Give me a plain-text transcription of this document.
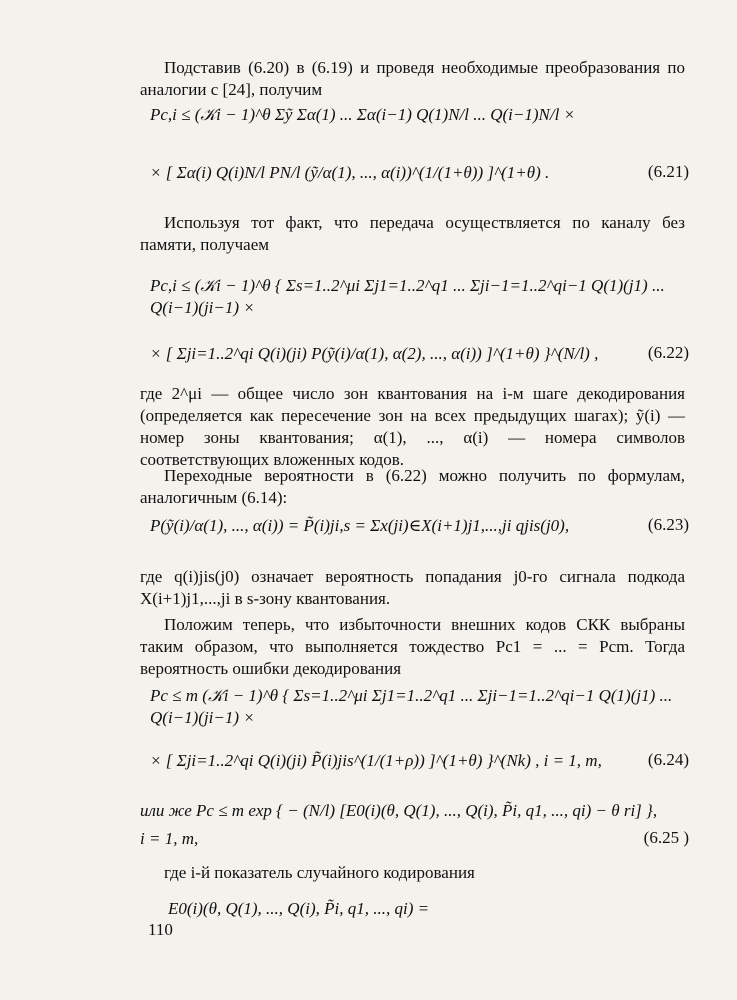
Подставив (6.20) в (6.19) и проведя необходимые преобразования по аналогии с [24], получим
Pc,i ≤ (𝒦i − 1)^θ Σỹ Σα(1) ... Σα(i−1) Q(1)N/l ... Q(i−1)N/l ×
× [ Σα(i) Q(i)N/l PN/l (ỹ/α(1), ..., α(i))^(1/(1+θ)) ]^(1+θ) .	(6.21)
Используя тот факт, что передача осуществляется по каналу без памяти, получаем
Pc,i ≤ (𝒦i − 1)^θ { Σs=1..2^μi Σj1=1..2^q1 ... Σji−1=1..2^qi−1 Q(1)(j1) ... Q(i−1)(ji−1) ×
× [ Σji=1..2^qi Q(i)(ji) P(ỹ(i)/α(1), α(2), ..., α(i)) ]^(1+θ) }^(N/l) ,	(6.22)
где 2^μi — общее число зон квантования на i-м шаге декодирования (определяется как пересечение зон на всех предыдущих шагах); ỹ(i) — номер зоны квантования; α(1), ..., α(i) — номера символов соответствующих вложенных кодов.
Переходные вероятности в (6.22) можно получить по формулам, аналогичным (6.14):
P(ỹ(i)/α(1), ..., α(i)) = P̃(i)ji,s = Σx(ji)∈X(i+1)j1,...,ji qjis(j0),	(6.23)
где q(i)jis(j0) означает вероятность попадания j0-го сигнала подкода X(i+1)j1,...,ji в s-зону квантования.
Положим теперь, что избыточности внешних кодов СКК выбраны таким образом, что выполняется тождество Pc1 = ... = Pcm. Тогда вероятность ошибки декодирования
Pc ≤ m (𝒦i − 1)^θ { Σs=1..2^μi Σj1=1..2^q1 ... Σji−1=1..2^qi−1 Q(1)(j1) ... Q(i−1)(ji−1) ×
× [ Σji=1..2^qi Q(i)(ji) P̃(i)jis^(1/(1+ρ)) ]^(1+θ) }^(Nk) , i = 1, m,	(6.24)
или же Pc ≤ m exp { − (N/l) [E0(i)(θ, Q(1), ..., Q(i), P̃i, q1, ..., qi) − θ ri] },
i = 1, m,	(6.25 )
где i-й показатель случайного кодирования
E0(i)(θ, Q(1), ..., Q(i), P̃i, q1, ..., qi) =
110
